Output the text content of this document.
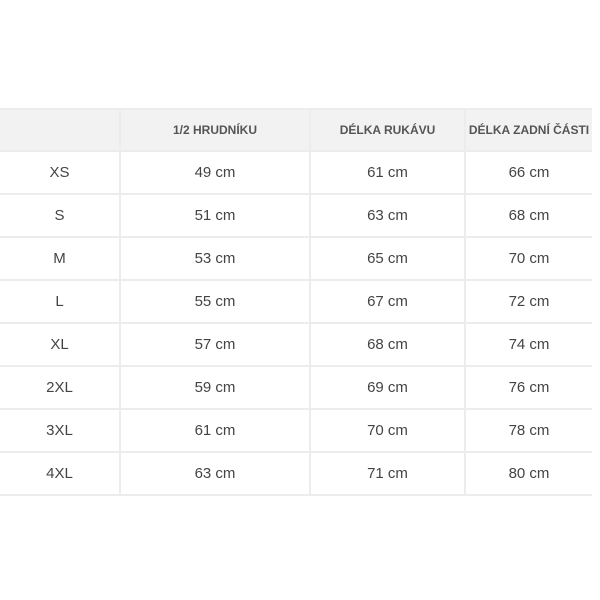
	1/2 HRUDNÍKU	DÉLKA RUKÁVU	DÉLKA ZADNÍ ČÁSTI
XS	49 cm	61 cm	66 cm
S	51 cm	63 cm	68 cm
M	53 cm	65 cm	70 cm
L	55 cm	67 cm	72 cm
XL	57 cm	68 cm	74 cm
2XL	59 cm	69 cm	76 cm
3XL	61 cm	70 cm	78 cm
4XL	63 cm	71 cm	80 cm
